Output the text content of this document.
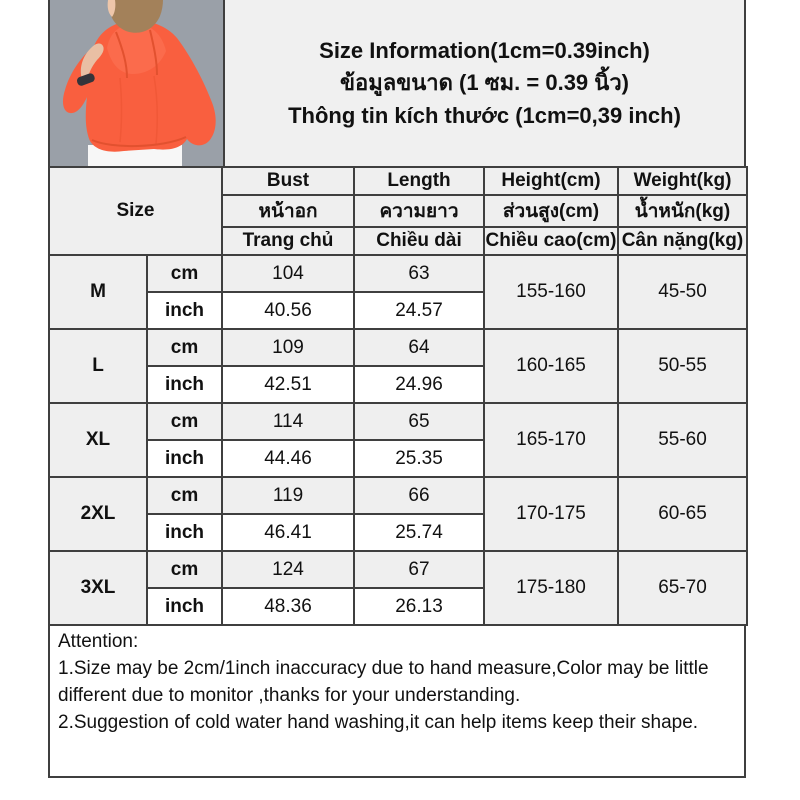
Size Information(1cm=0.39inch)
ข้อมูลขนาด (1 ซม. = 0.39 นิ้ว)
Thông tin kích thước (1cm=0,39 inch)
Size		Bust	Length	Height(cm)	Weight(kg)
		หน้าอก	ความยาว	ส่วนสูง(cm)	น้ำหนัก(kg)
		Trang chủ	Chiều dài	Chiều cao(cm)	Cân nặng(kg)
M	cm	104	63	155-160	45-50
	inch	40.56	24.57		
L	cm	109	64	160-165	50-55
	inch	42.51	24.96		
XL	cm	114	65	165-170	55-60
	inch	44.46	25.35		
2XL	cm	119	66	170-175	60-65
	inch	46.41	25.74		
3XL	cm	124	67	175-180	65-70
	inch	48.36	26.13		
Attention:
1.Size may be 2cm/1inch inaccuracy due to hand measure,Color may be little different due to monitor ,thanks for your understanding.
2.Suggestion of cold water hand washing,it can help items keep their shape.
